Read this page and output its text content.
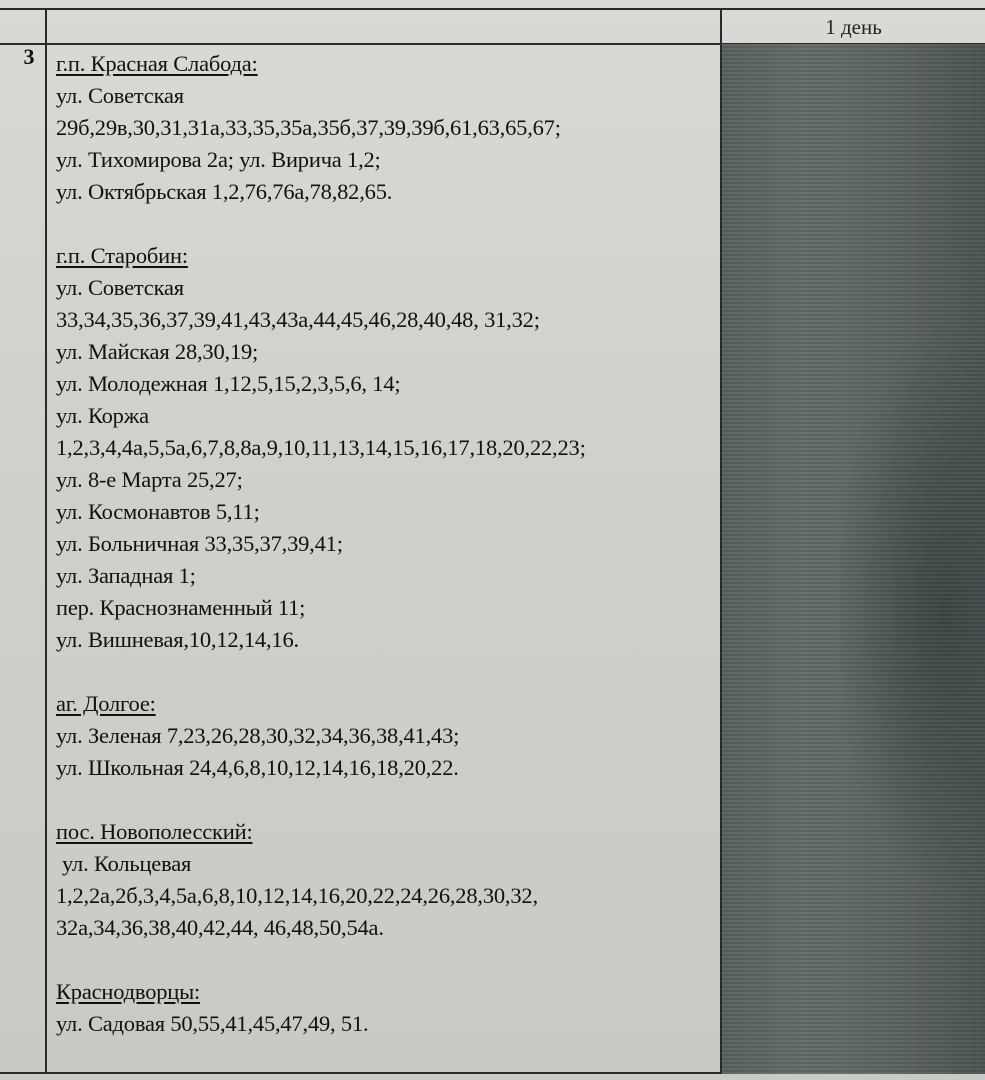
1 день
3 г.п. Красная Слабода:
ул. Советская
29б,29в,30,31,31а,33,35,35а,35б,37,39,39б,61,63,65,67;
ул. Тихомирова 2а; ул. Вирича 1,2;
ул. Октябрьская 1,2,76,76а,78,82,65.
г.п. Старобин:
ул. Советская
33,34,35,36,37,39,41,43,43а,44,45,46,28,40,48, 31,32;
ул. Майская 28,30,19;
ул. Молодежная 1,12,5,15,2,3,5,6, 14;
ул. Коржа
1,2,3,4,4а,5,5а,6,7,8,8а,9,10,11,13,14,15,16,17,18,20,22,23;
ул. 8-е Марта 25,27;
ул. Космонавтов 5,11;
ул. Больничная 33,35,37,39,41;
ул. Западная 1;
пер. Краснознаменный 11;
ул. Вишневая,10,12,14,16.
аг. Долгое:
ул. Зеленая 7,23,26,28,30,32,34,36,38,41,43;
ул. Школьная 24,4,6,8,10,12,14,16,18,20,22.
пос. Новополесский:
ул. Кольцевая
1,2,2а,2б,3,4,5а,6,8,10,12,14,16,20,22,24,26,28,30,32,
32а,34,36,38,40,42,44, 46,48,50,54а.
Краснодворцы:
ул. Садовая 50,55,41,45,47,49, 51.
